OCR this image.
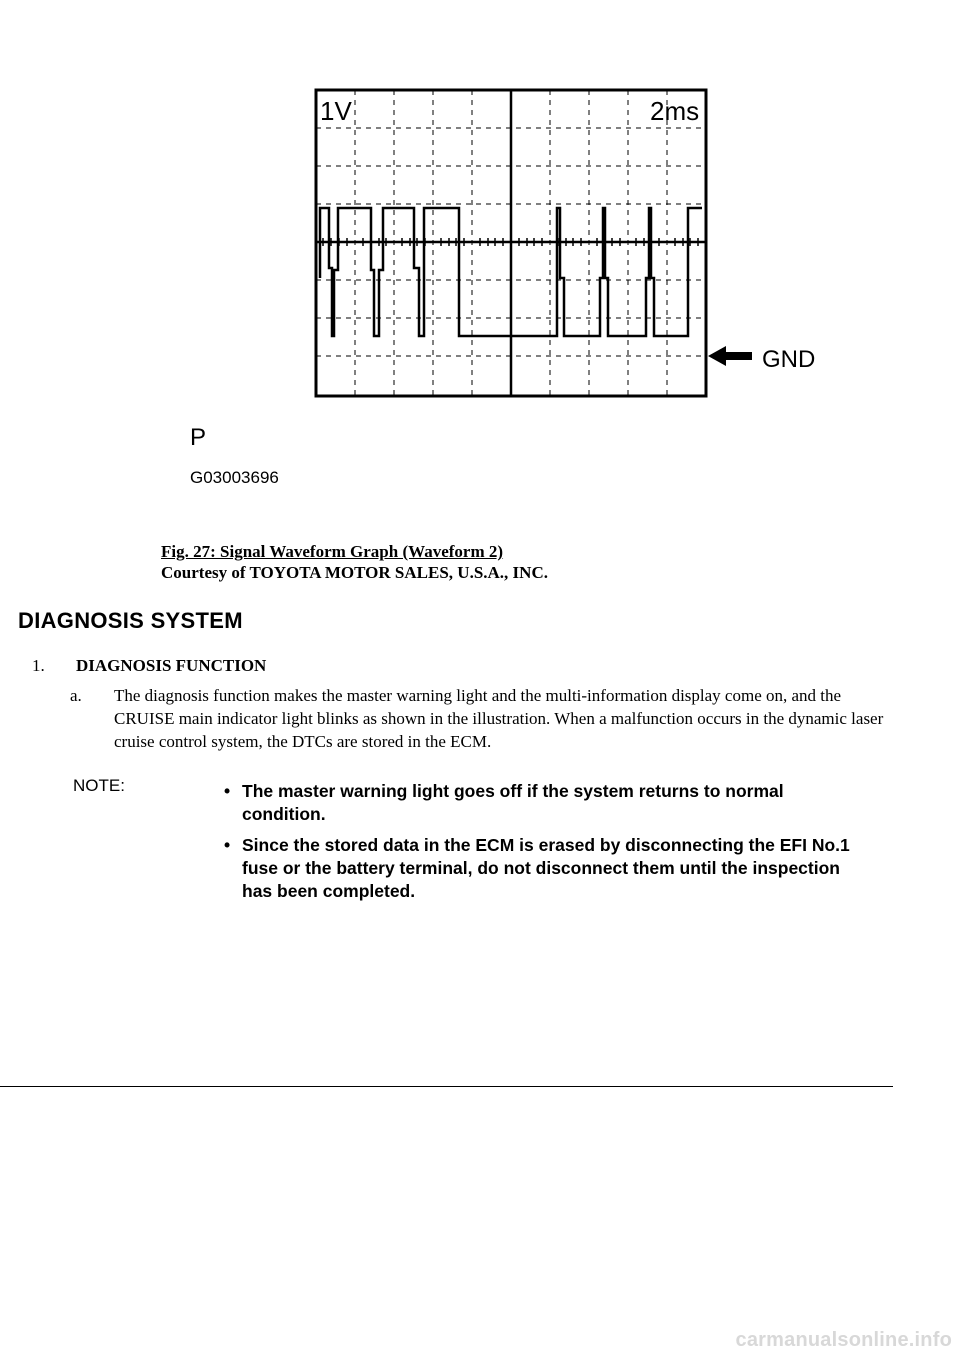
1V	2ms
GND
P
G03003696
Fig. 27: Signal Waveform Graph (Waveform 2)
Courtesy of TOYOTA MOTOR SALES, U.S.A., INC.
DIAGNOSIS SYSTEM
1. DIAGNOSIS FUNCTION
a. The diagnosis function makes the master warning light and the multi-information display come on, and the CRUISE main indicator light blinks as shown in the illustration. When a malfunction occurs in the dynamic laser cruise control system, the DTCs are stored in the ECM.
NOTE:	• The master warning light goes off if the system returns to normal condition.
• Since the stored data in the ECM is erased by disconnecting the EFI No.1 fuse or the battery terminal, do not disconnect them until the inspection has been completed.
carmanualsonline.info
